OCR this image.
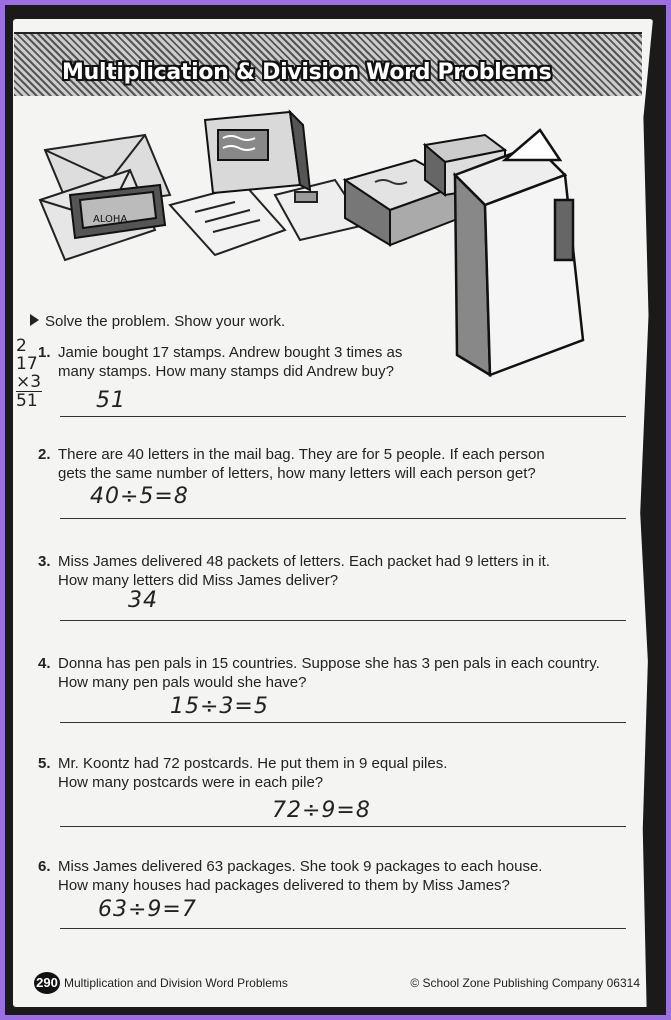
Multiplication & Division Word Problems
ALOHA
Solve the problem. Show your work.
2
17
×3
51
1. Jamie bought 17 stamps. Andrew bought 3 times as many stamps. How many stamps did Andrew buy?
51
2. There are 40 letters in the mail bag. They are for 5 people. If each person gets the same number of letters, how many letters will each person get?
40÷5=8
3. Miss James delivered 48 packets of letters. Each packet had 9 letters in it. How many letters did Miss James deliver?
34
4. Donna has pen pals in 15 countries. Suppose she has 3 pen pals in each country. How many pen pals would she have?
15÷3=5
5. Mr. Koontz had 72 postcards. He put them in 9 equal piles. How many postcards were in each pile?
72÷9=8
6. Miss James delivered 63 packages. She took 9 packages to each house. How many houses had packages delivered to them by Miss James?
63÷9=7
290 Multiplication and Division Word Problems	© School Zone Publishing Company 06314
